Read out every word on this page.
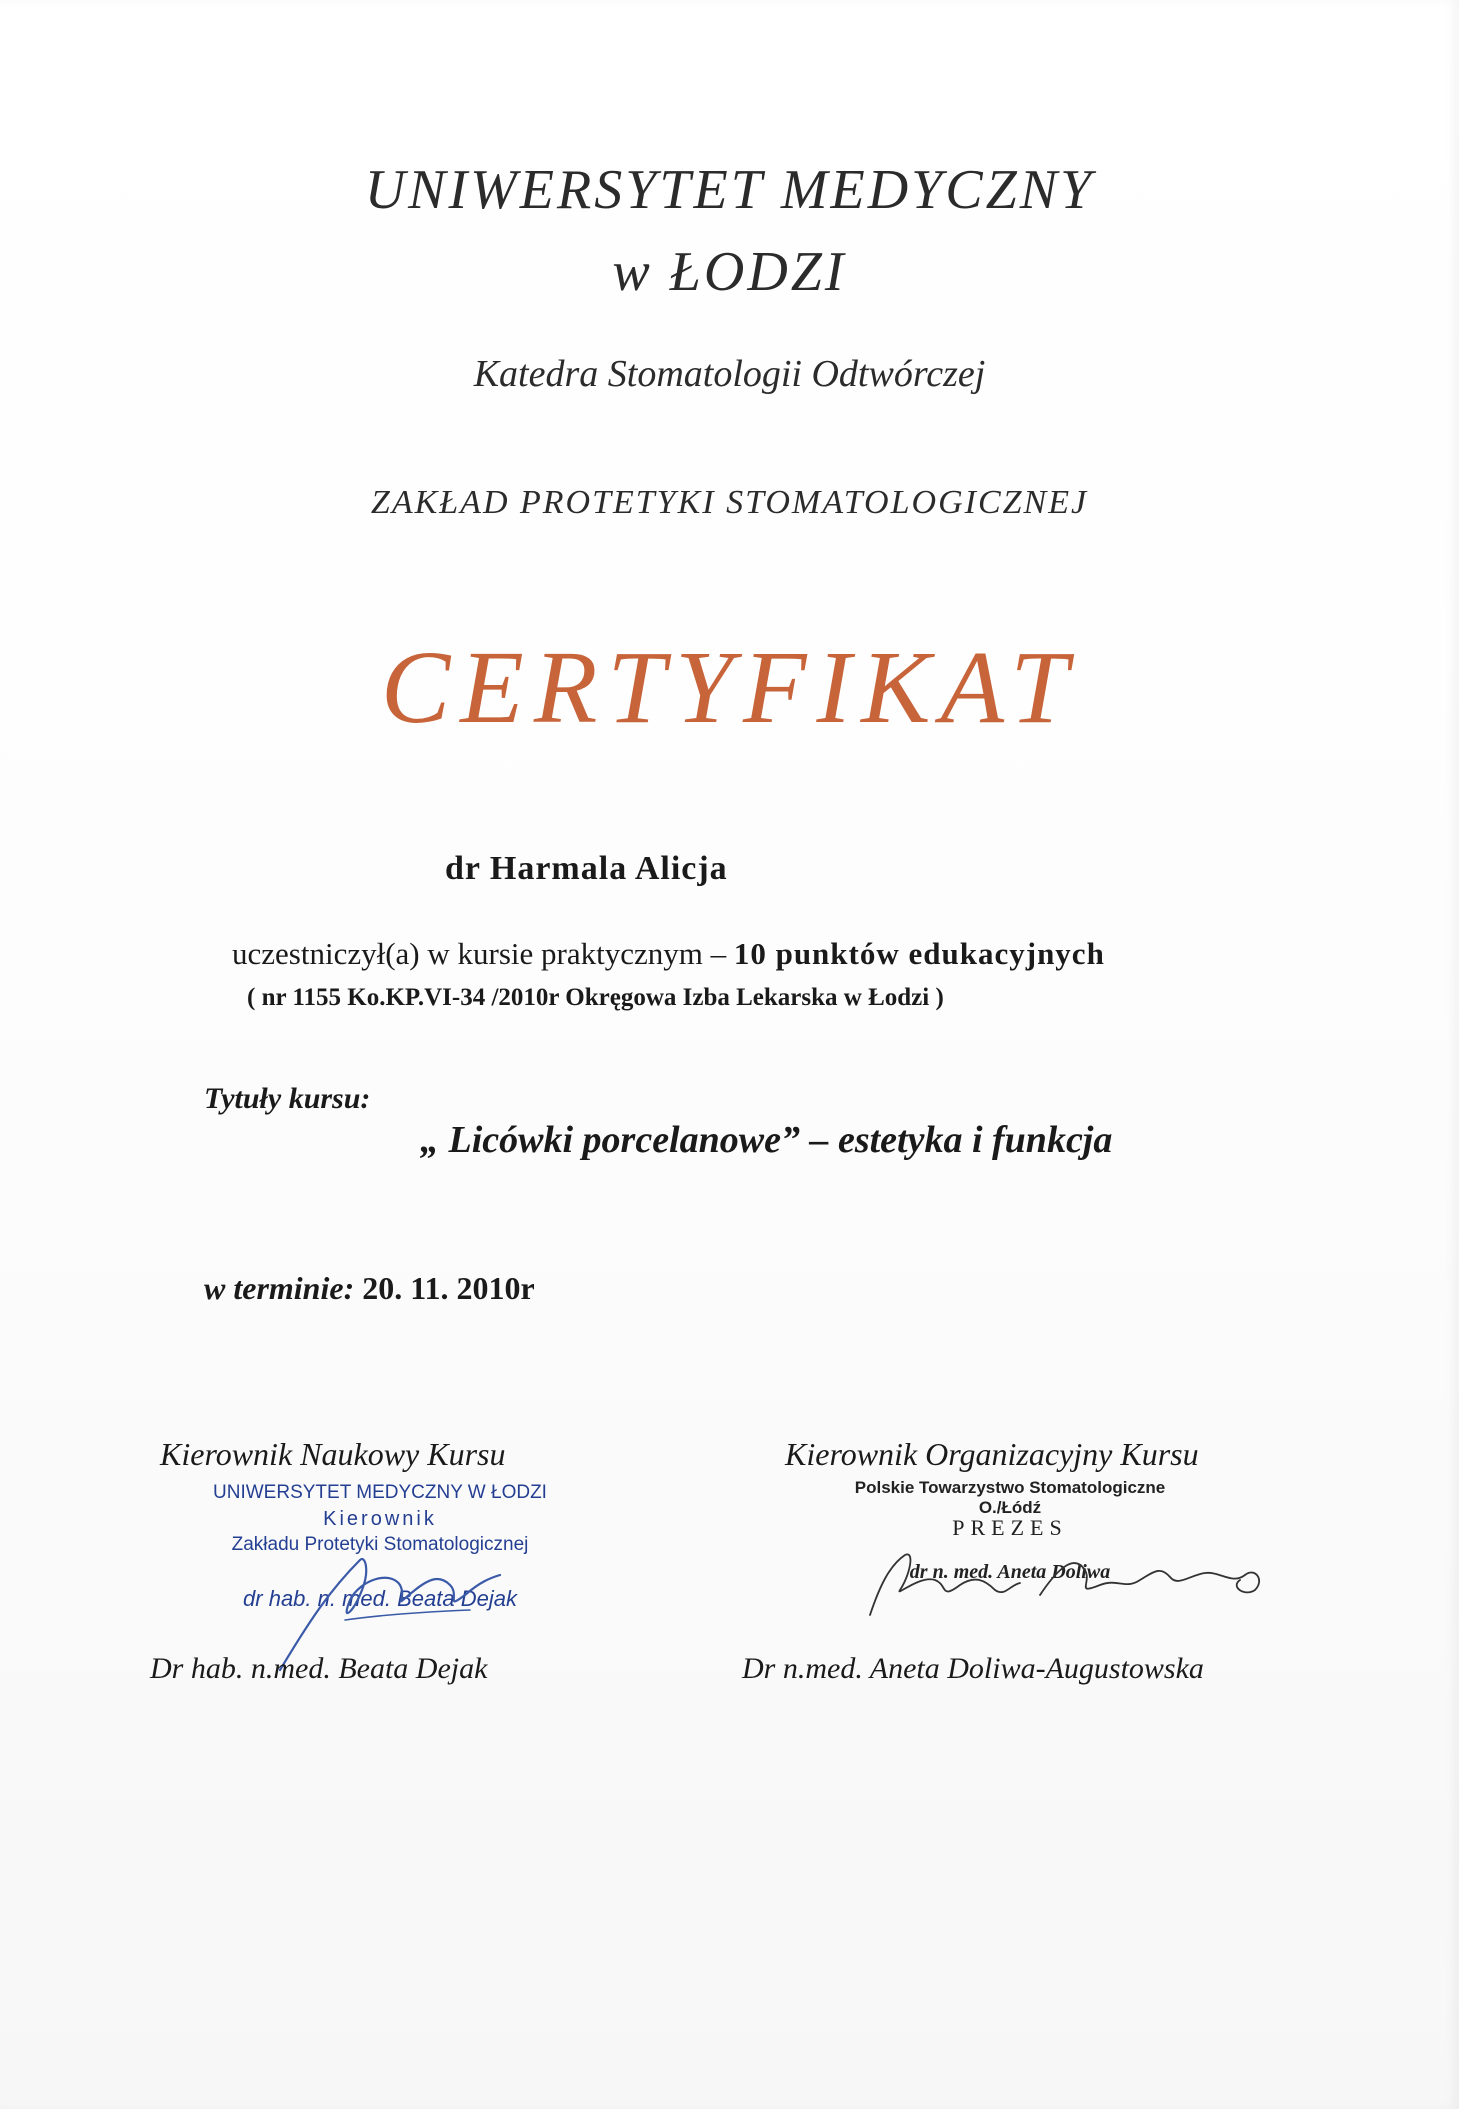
UNIWERSYTET MEDYCZNY
w ŁODZI
Katedra Stomatologii Odtwórczej
ZAKŁAD PROTETYKI STOMATOLOGICZNEJ
CERTYFIKAT
dr Harmala Alicja
uczestniczył(a) w kursie praktycznym – 10 punktów edukacyjnych
( nr 1155 Ko.KP.VI-34 /2010r Okręgowa Izba Lekarska w Łodzi )
Tytuły kursu:
„ Licówki porcelanowe” – estetyka i funkcja
w terminie: 20. 11. 2010r
Kierownik Naukowy Kursu
UNIWERSYTET MEDYCZNY W ŁODZI
Kierownik
Zakładu Protetyki Stomatologicznej
dr hab. n. med. Beata Dejak
Dr hab. n.med. Beata Dejak
Kierownik Organizacyjny Kursu
Polskie Towarzystwo Stomatologiczne
O./Łódź
PREZES
dr n. med. Aneta Doliwa
Dr n.med. Aneta Doliwa-Augustowska
